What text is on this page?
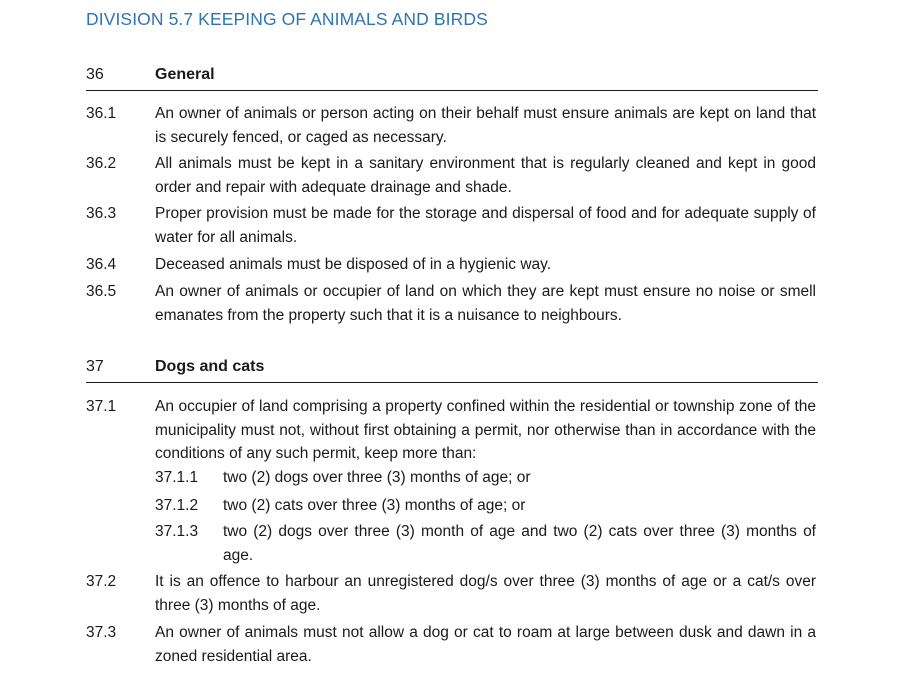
DIVISION 5.7 KEEPING OF ANIMALS AND BIRDS
36	General
36.1	An owner of animals or person acting on their behalf must ensure animals are kept on land that is securely fenced, or caged as necessary.
36.2	All animals must be kept in a sanitary environment that is regularly cleaned and kept in good order and repair with adequate drainage and shade.
36.3	Proper provision must be made for the storage and dispersal of food and for adequate supply of water for all animals.
36.4	Deceased animals must be disposed of in a hygienic way.
36.5	An owner of animals or occupier of land on which they are kept must ensure no noise or smell emanates from the property such that it is a nuisance to neighbours.
37	Dogs and cats
37.1	An occupier of land comprising a property confined within the residential or township zone of the municipality must not, without first obtaining a permit, nor otherwise than in accordance with the conditions of any such permit, keep more than:
37.1.1 two (2) dogs over three (3) months of age; or
37.1.2 two (2) cats over three (3) months of age; or
37.1.3 two (2) dogs over three (3) month of age and two (2) cats over three (3) months of age.
37.2	It is an offence to harbour an unregistered dog/s over three (3) months of age or a cat/s over three (3) months of age.
37.3	An owner of animals must not allow a dog or cat to roam at large between dusk and dawn in a zoned residential area.
